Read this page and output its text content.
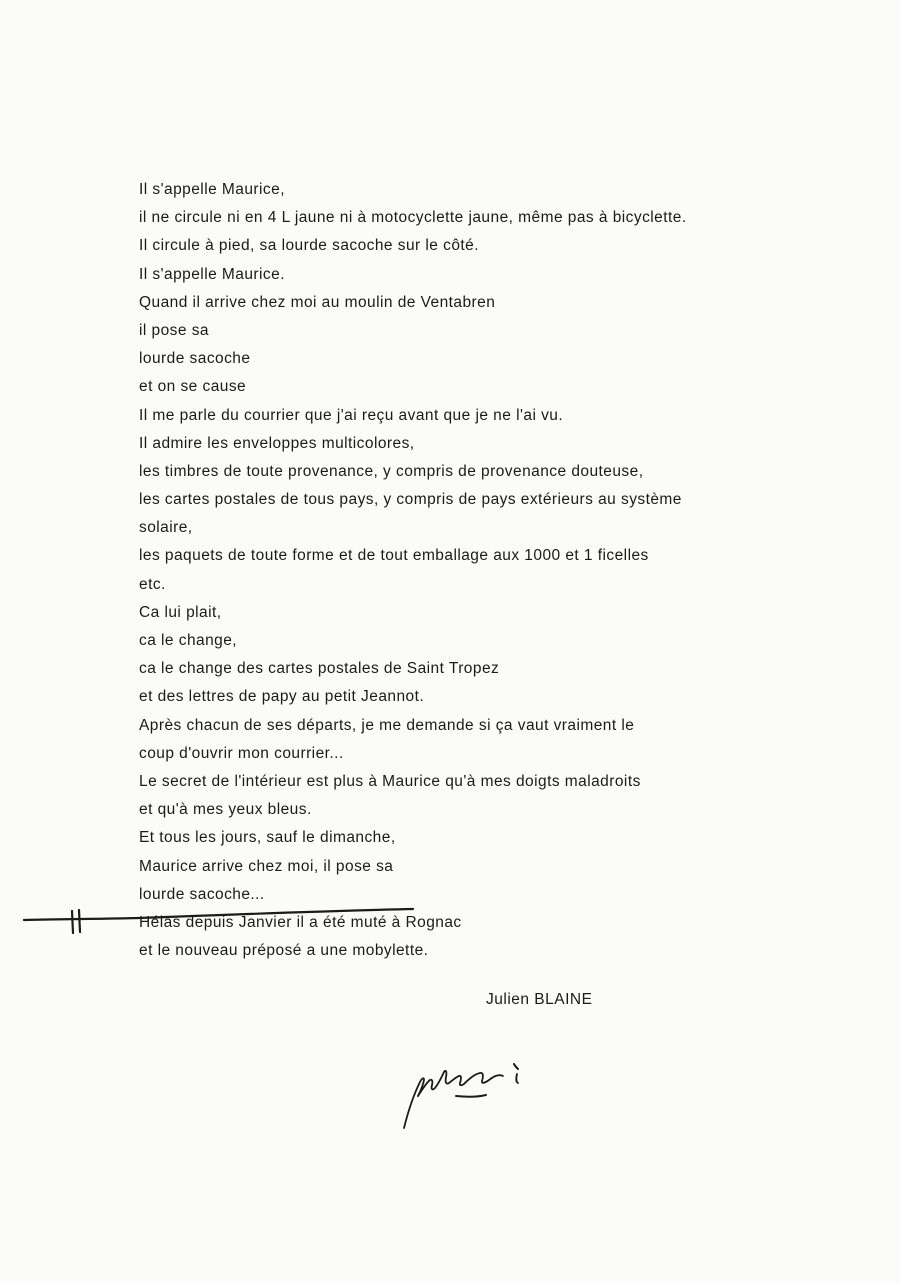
Il s'appelle Maurice,
il ne circule ni en 4 L jaune ni à motocyclette jaune, même pas à bicyclette.
Il circule à pied, sa lourde sacoche sur le côté.
Il s'appelle Maurice.
Quand il arrive chez moi au moulin de Ventabren
il pose sa
lourde sacoche
et on se cause
Il me parle du courrier que j'ai reçu avant que je ne l'ai vu.
Il admire les enveloppes multicolores,
les timbres de toute provenance, y compris de provenance douteuse,
les cartes postales de tous pays, y compris de pays extérieurs au système
solaire,
les paquets de toute forme et de tout emballage aux 1000 et 1 ficelles
etc.
Ca lui plait,
ca le change,
ca le change des cartes postales de Saint Tropez
et des lettres de papy au petit Jeannot.
Après chacun de ses départs, je me demande si ça vaut vraiment le
coup d'ouvrir mon courrier...
Le secret de l'intérieur est plus à Maurice qu'à mes doigts maladroits
et qu'à mes yeux bleus.
Et tous les jours, sauf le dimanche,
Maurice arrive chez moi, il pose sa
lourde sacoche...
Hélas depuis Janvier il a été muté à Rognac
et le nouveau préposé a une mobylette.
Julien BLAINE
